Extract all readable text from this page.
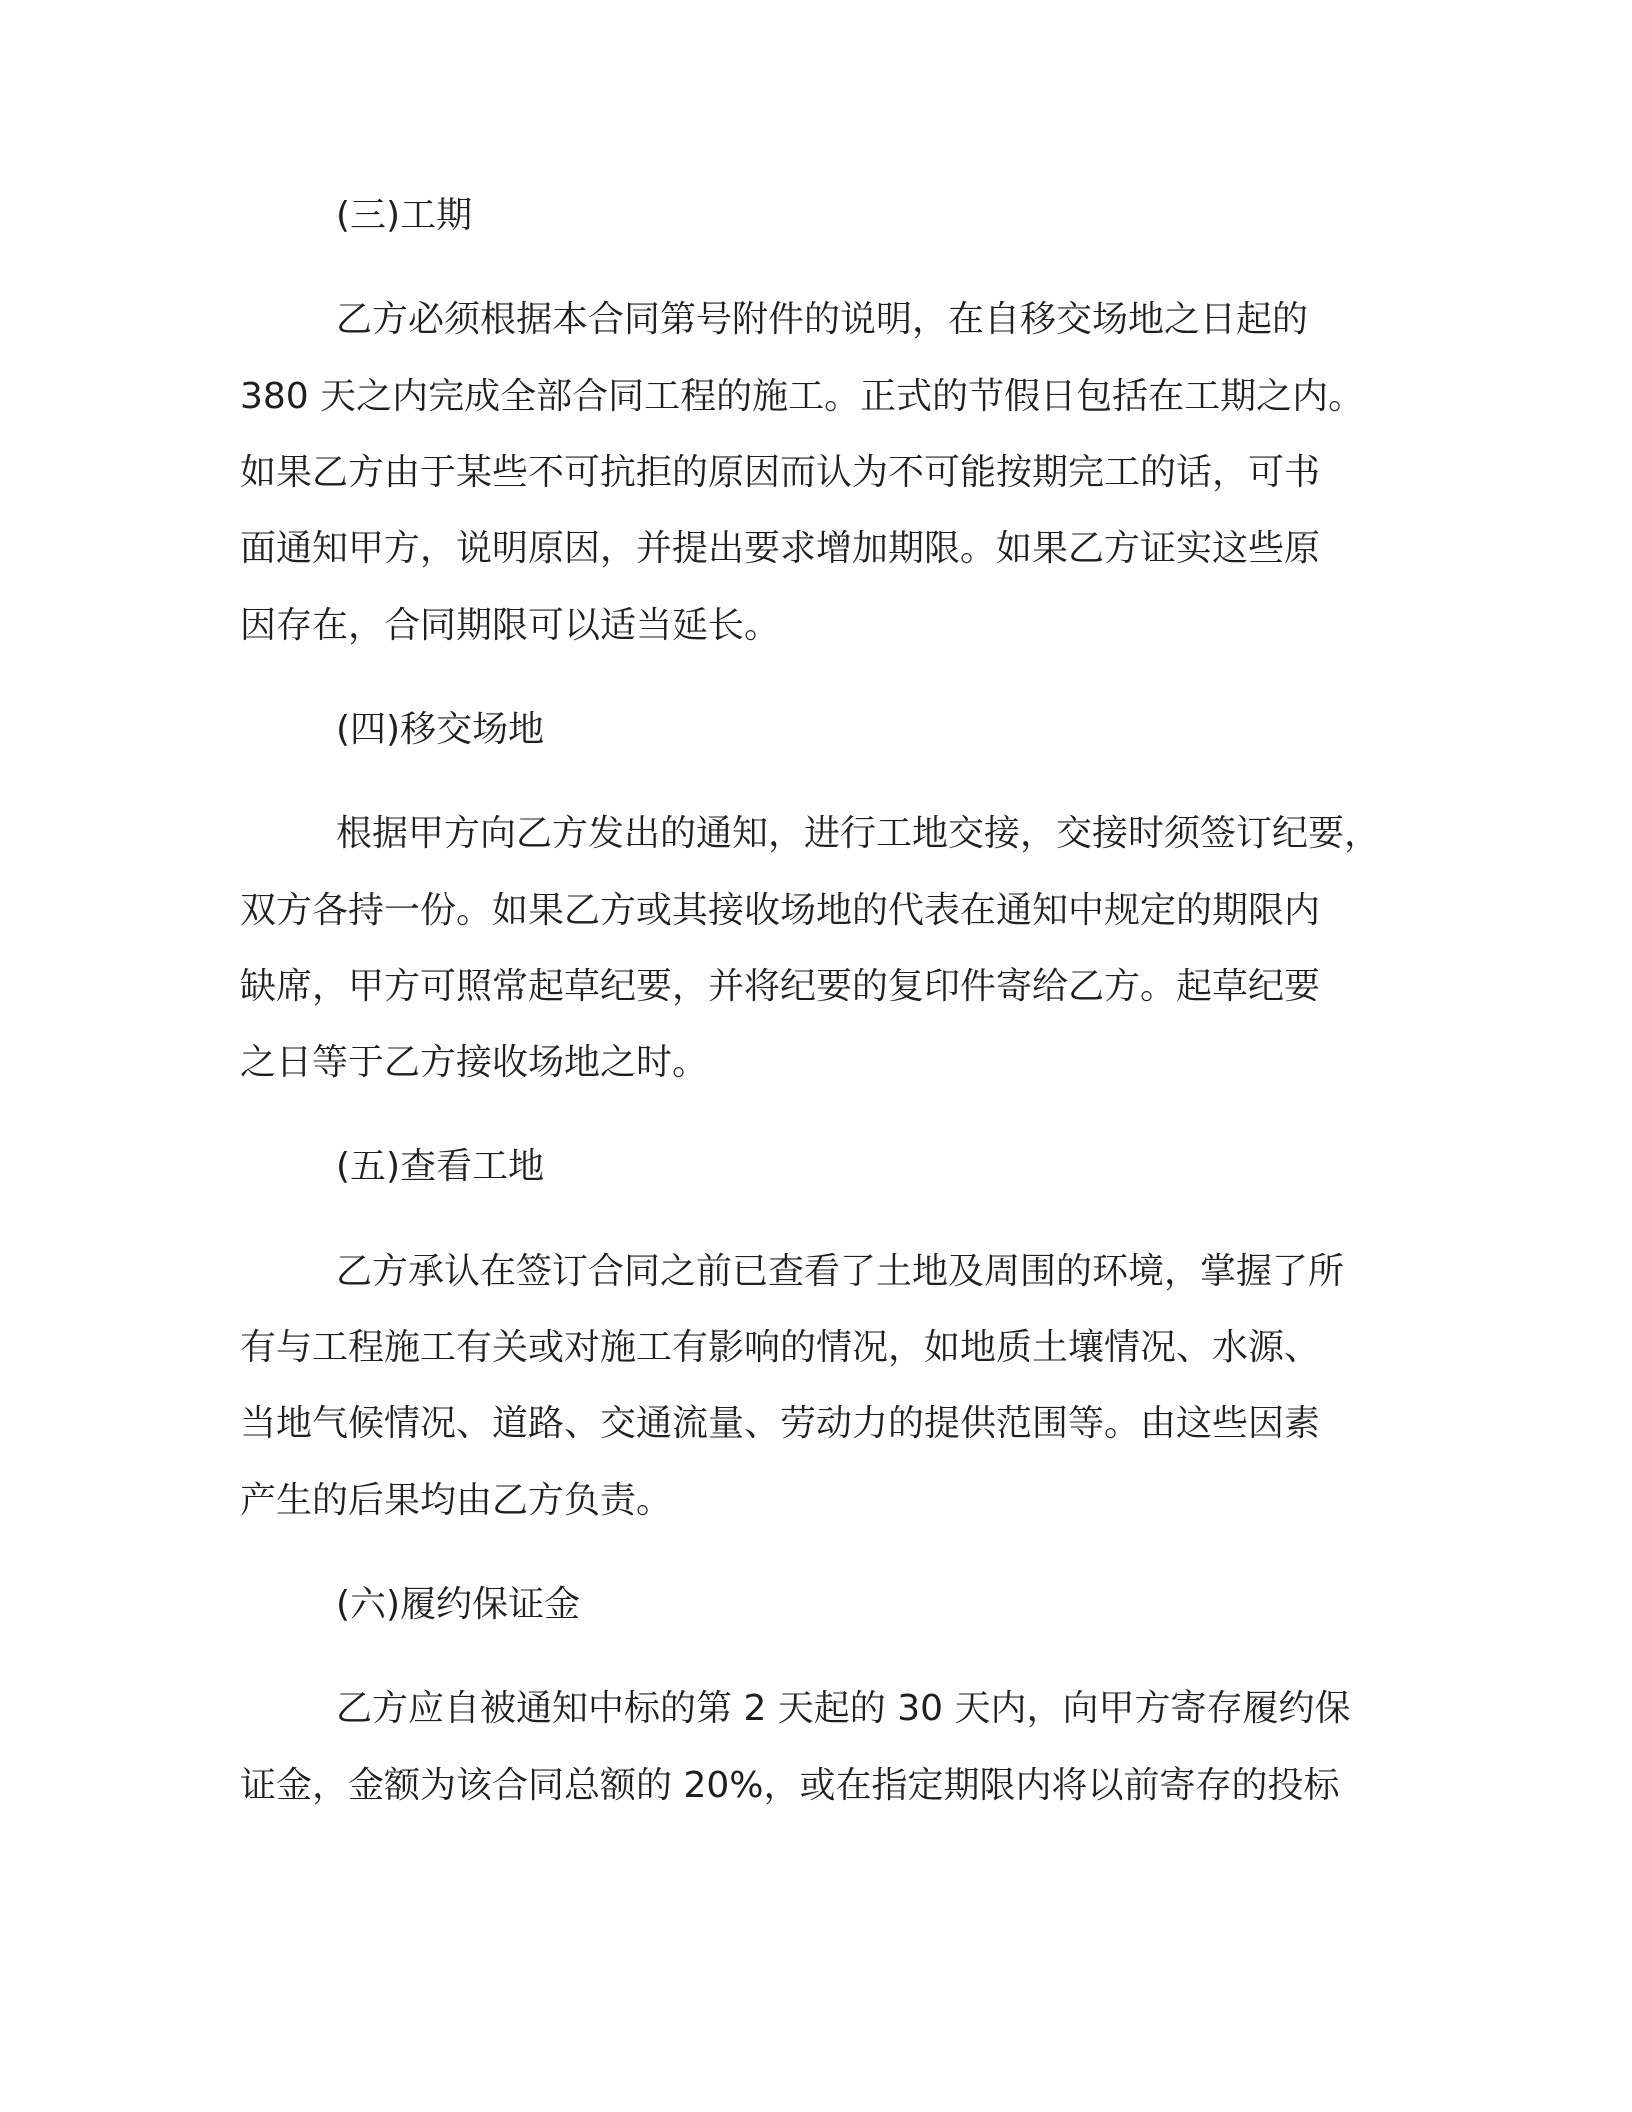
(三)工期

乙方必须根据本合同第号附件的说明，在自移交场地之日起的

380 天之内完成全部合同工程的施工。正式的节假日包括在工期之内。

如果乙方由于某些不可抗拒的原因而认为不可能按期完工的话，可书

面通知甲方，说明原因，并提出要求增加期限。如果乙方证实这些原

因存在，合同期限可以适当延长。

(四)移交场地

根据甲方向乙方发出的通知，进行工地交接，交接时须签订纪要，

双方各持一份。如果乙方或其接收场地的代表在通知中规定的期限内

缺席，甲方可照常起草纪要，并将纪要的复印件寄给乙方。起草纪要

之日等于乙方接收场地之时。

(五)查看工地

乙方承认在签订合同之前已查看了土地及周围的环境，掌握了所

有与工程施工有关或对施工有影响的情况，如地质土壤情况、水源、

当地气候情况、道路、交通流量、劳动力的提供范围等。由这些因素

产生的后果均由乙方负责。

(六)履约保证金

乙方应自被通知中标的第 2 天起的 30 天内，向甲方寄存履约保

证金，金额为该合同总额的 20%，或在指定期限内将以前寄存的投标
